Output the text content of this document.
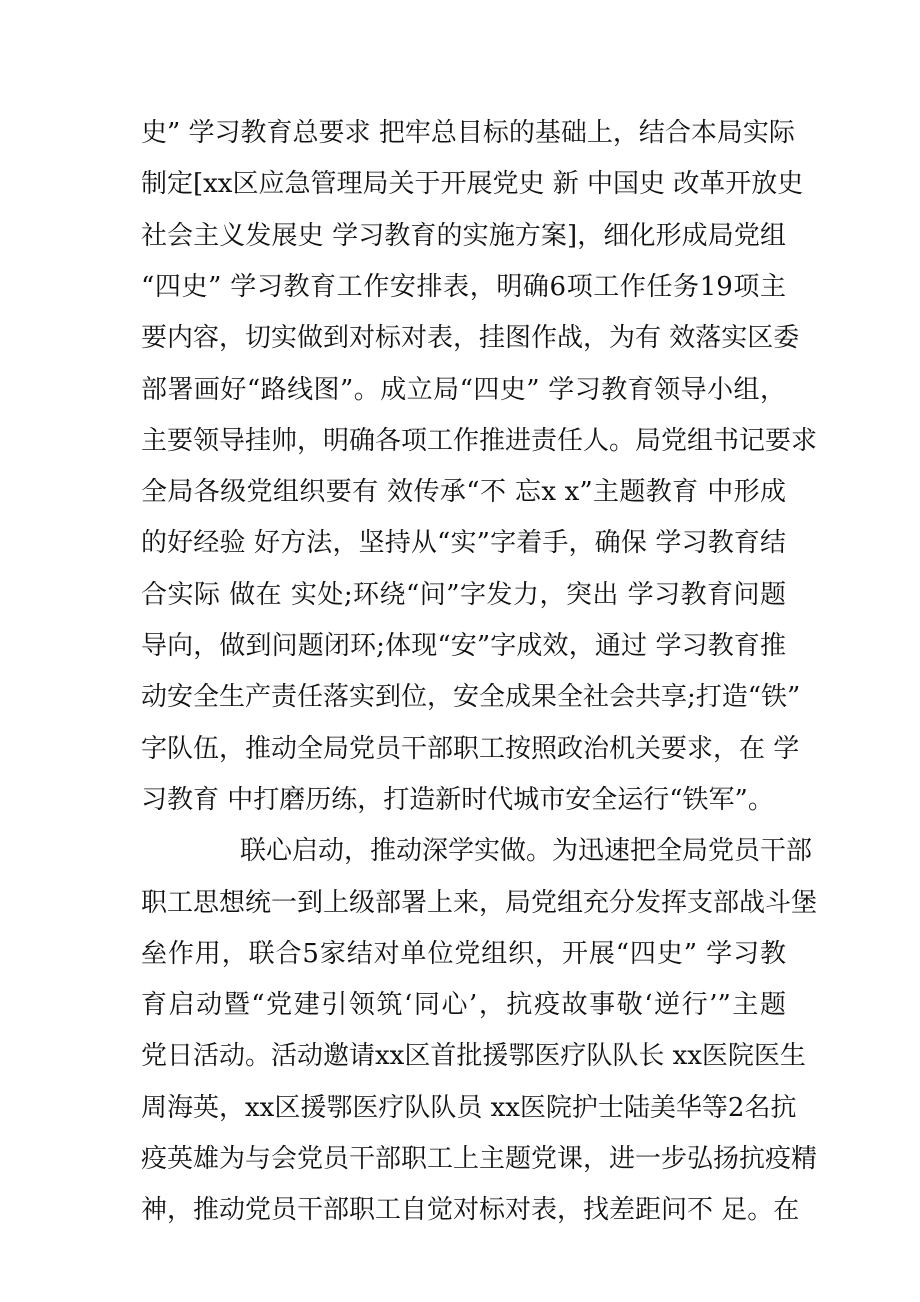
史” 学习教育总要求 把牢总目标的基础上，结合本局实际
制定[xx区应急管理局关于开展党史 新 中国史 改革开放史
社会主义发展史 学习教育的实施方案]，细化形成局党组
“四史” 学习教育工作安排表，明确6项工作任务19项主
要内容，切实做到对标对表，挂图作战，为有 效落实区委
部署画好“路线图”。成立局“四史” 学习教育领导小组，
主要领导挂帅，明确各项工作推进责任人。局党组书记要求
全局各级党组织要有 效传承“不 忘x x”主题教育 中形成
的好经验 好方法，坚持从“实”字着手，确保 学习教育结
合实际 做在 实处;环绕“问”字发力，突出 学习教育问题
导向，做到问题闭环;体现“安”字成效，通过 学习教育推
动安全生产责任落实到位，安全成果全社会共享;打造“铁”
字队伍，推动全局党员干部职工按照政治机关要求，在 学
习教育 中打磨历练，打造新时代城市安全运行“铁军”。
联心启动，推动深学实做。为迅速把全局党员干部
职工思想统一到上级部署上来，局党组充分发挥支部战斗堡
垒作用，联合5家结对单位党组织，开展“四史” 学习教
育启动暨“党建引领筑‘同心’，抗疫故事敬‘逆行’”主题
党日活动。活动邀请xx区首批援鄂医疗队队长 xx医院医生
周海英，xx区援鄂医疗队队员 xx医院护士陆美华等2名抗
疫英雄为与会党员干部职工上主题党课，进一步弘扬抗疫精
神，推动党员干部职工自觉对标对表，找差距问不 足。在
